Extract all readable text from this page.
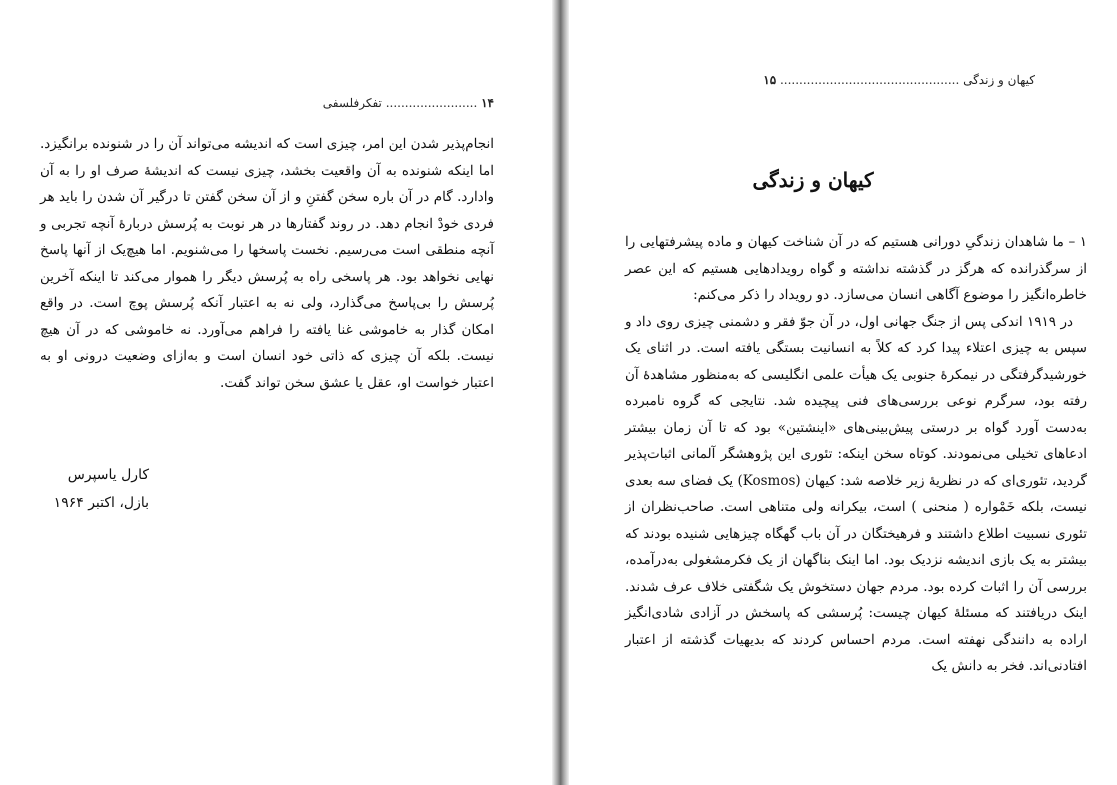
۱۴ ........................ تفکرفلسفی

انجام‌پذیر شدن این امر، چیزی است که اندیشه می‌تواند آن را در شنونده برانگیزد. اما اینکه شنونده به آن واقعیت بخشد، چیزی نیست که اندیشهٔ صرف او را به آن وادارد. گام در آن باره سخن گفتنِ و از آن سخن گفتن تا درگیر آن شدن را باید هر فردی خودْ انجام دهد. در روند گفتارها در هر نوبت به پُرسش دربارهٔ آنچه تجربی و آنچه منطقی است می‌رسیم. نخست پاسخها را می‌شنویم. اما هیچ‌یک از آنها پاسخ نهایی نخواهد بود. هر پاسخی راه به پُرسش دیگر را هموار می‌کند تا اینکه آخرین پُرسش را بی‌پاسخ می‌گذارد، ولی نه به اعتبار آنکه پُرسش پوچ است. در واقع امکان گذار به خاموشی غنا یافته را فراهم می‌آورد. نه خاموشی که در آن هیچ نیست. بلکه آن چیزی که ذاتی خود انسان است و به‌ازای وضعیت درونی او به اعتبار خواست او، عقل یا عشق سخن تواند گفت.

کارل یاسپرس
بازل، اکتبر ۱۹۶۴
کیهان و زندگی ............................................... ۱۵
کیهان و زندگی

۱ – ما شاهدان زندگیِ دورانی هستیم که در آن شناخت کیهان و ماده پیشرفتهایی را از سرگذرانده که هرگز در گذشته نداشته و گواه رویدادهایی هستیم که این عصر خاطره‌انگیز را موضوع آگاهی انسان می‌سازد. دو رویداد را ذکر می‌کنم:

در ۱۹۱۹ اندکی پس از جنگ جهانی اول، در آن جوّ فقر و دشمنی چیزی روی داد و سپس به چیزی اعتلاء پیدا کرد که کلاً به انسانیت بستگی یافته است. در اثنای یک خورشیدگرفتگی در نیمکرهٔ جنوبی یک هیأت علمی انگلیسی که به‌منظور مشاهدهٔ آن رفته بود، سرگرم نوعی بررسی‌های فنی پیچیده شد. نتایجی که گروه نامبرده به‌دست آورد گواه بر درستی پیش‌بینی‌های «اینشتین» بود که تا آن زمان بیشتر ادعاهای تخیلی می‌نمودند. کوتاه سخن اینکه: تئوری این پژوهشگر آلمانی اثبات‌پذیر گردید، تئوری‌ای که در نظریهٔ زیر خلاصه شد: کیهان (Kosmos) یک فضای سه بعدی نیست، بلکه خَمْواره ( منحنی ) است، بیکرانه ولی متناهی است. صاحب‌نظران از تئوری نسبیت اطلاع داشتند و فرهیختگان در آن باب گهگاه چیزهایی شنیده بودند که بیشتر به یک بازی اندیشه نزدیک بود. اما اینک بناگهان از یک فکرمشغولی به‌درآمده، بررسی آن را اثبات کرده بود. مردم جهان دستخوش یک شگفتی خلاف عرف شدند. اینک دریافتند که مسئلهٔ کیهان چیست: پُرسشی که پاسخش در آزادی شادی‌انگیز اراده به دانندگی نهفته است. مردم احساس کردند که بدیهیات گذشته از اعتبار افتادنی‌اند. فخر به دانش یک
